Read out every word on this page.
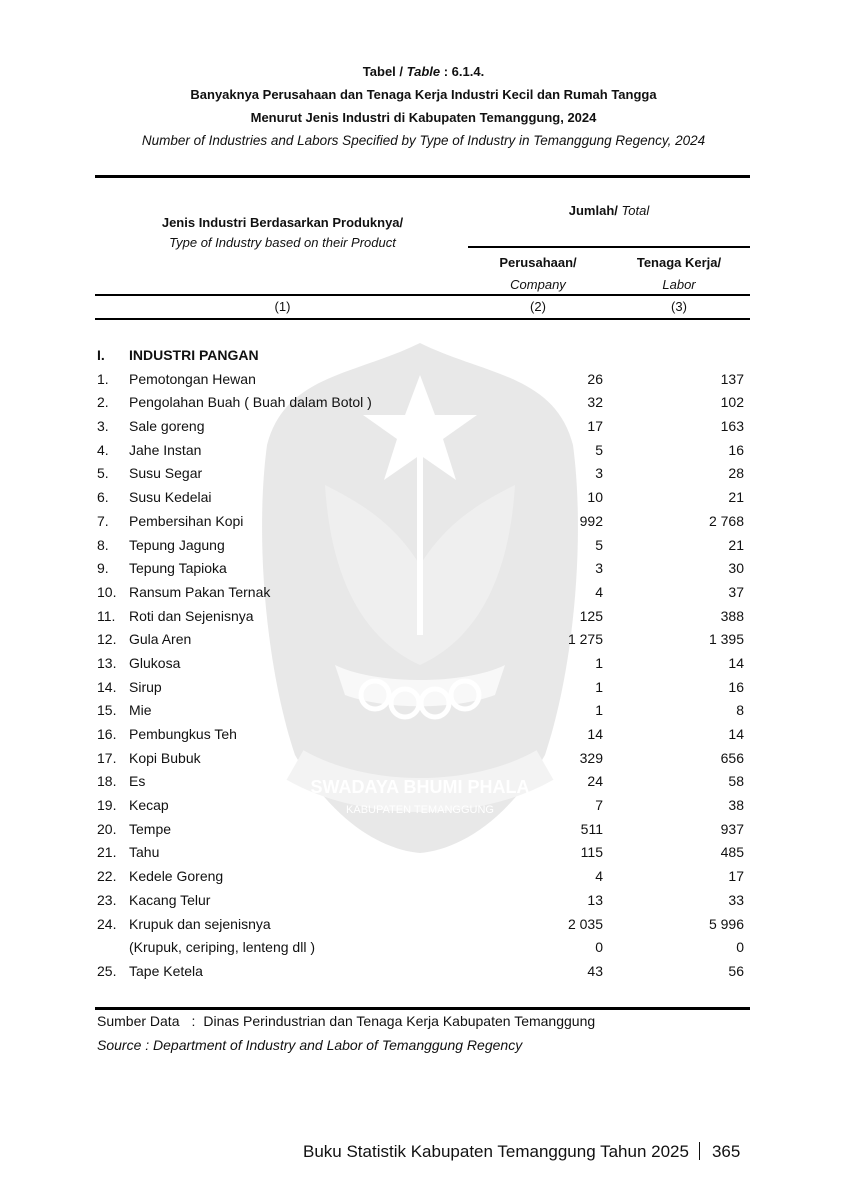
SWADAYA BHUMI PHALA
KABUPATEN TEMANGGUNG
Tabel / Table : 6.1.4.
Banyaknya Perusahaan dan Tenaga Kerja Industri Kecil dan Rumah Tangga
Menurut Jenis Industri di Kabupaten Temanggung, 2024
Number of Industries and Labors Specified by Type of Industry in Temanggung Regency, 2024
Jenis Industri Berdasarkan Produknya/
Type of Industry based on their Product
Jumlah/ Total
Perusahaan/
Company
Tenaga Kerja/
Labor
(1)	(2)	(3)
I. INDUSTRI PANGAN
1. Pemotongan Hewan	26	137
2. Pengolahan Buah ( Buah dalam Botol )	32	102
3. Sale goreng	17	163
4. Jahe Instan	5	16
5. Susu Segar	3	28
6. Susu Kedelai	10	21
7. Pembersihan Kopi	992	2 768
8. Tepung Jagung	5	21
9. Tepung Tapioka	3	30
10. Ransum Pakan Ternak	4	37
11. Roti dan Sejenisnya	125	388
12. Gula Aren	1 275	1 395
13. Glukosa	1	14
14. Sirup	1	16
15. Mie	1	8
16. Pembungkus Teh	14	14
17. Kopi Bubuk	329	656
18. Es	24	58
19. Kecap	7	38
20. Tempe	511	937
21. Tahu	115	485
22. Kedele Goreng	4	17
23. Kacang Telur	13	33
24. Krupuk dan sejenisnya	2 035	5 996
(Krupuk, ceriping, lenteng dll )	0	0
25. Tape Ketela	43	56
Sumber Data : Dinas Perindustrian dan Tenaga Kerja Kabupaten Temanggung
Source : Department of Industry and Labor of Temanggung Regency
Buku Statistik Kabupaten Temanggung Tahun 2025 365
